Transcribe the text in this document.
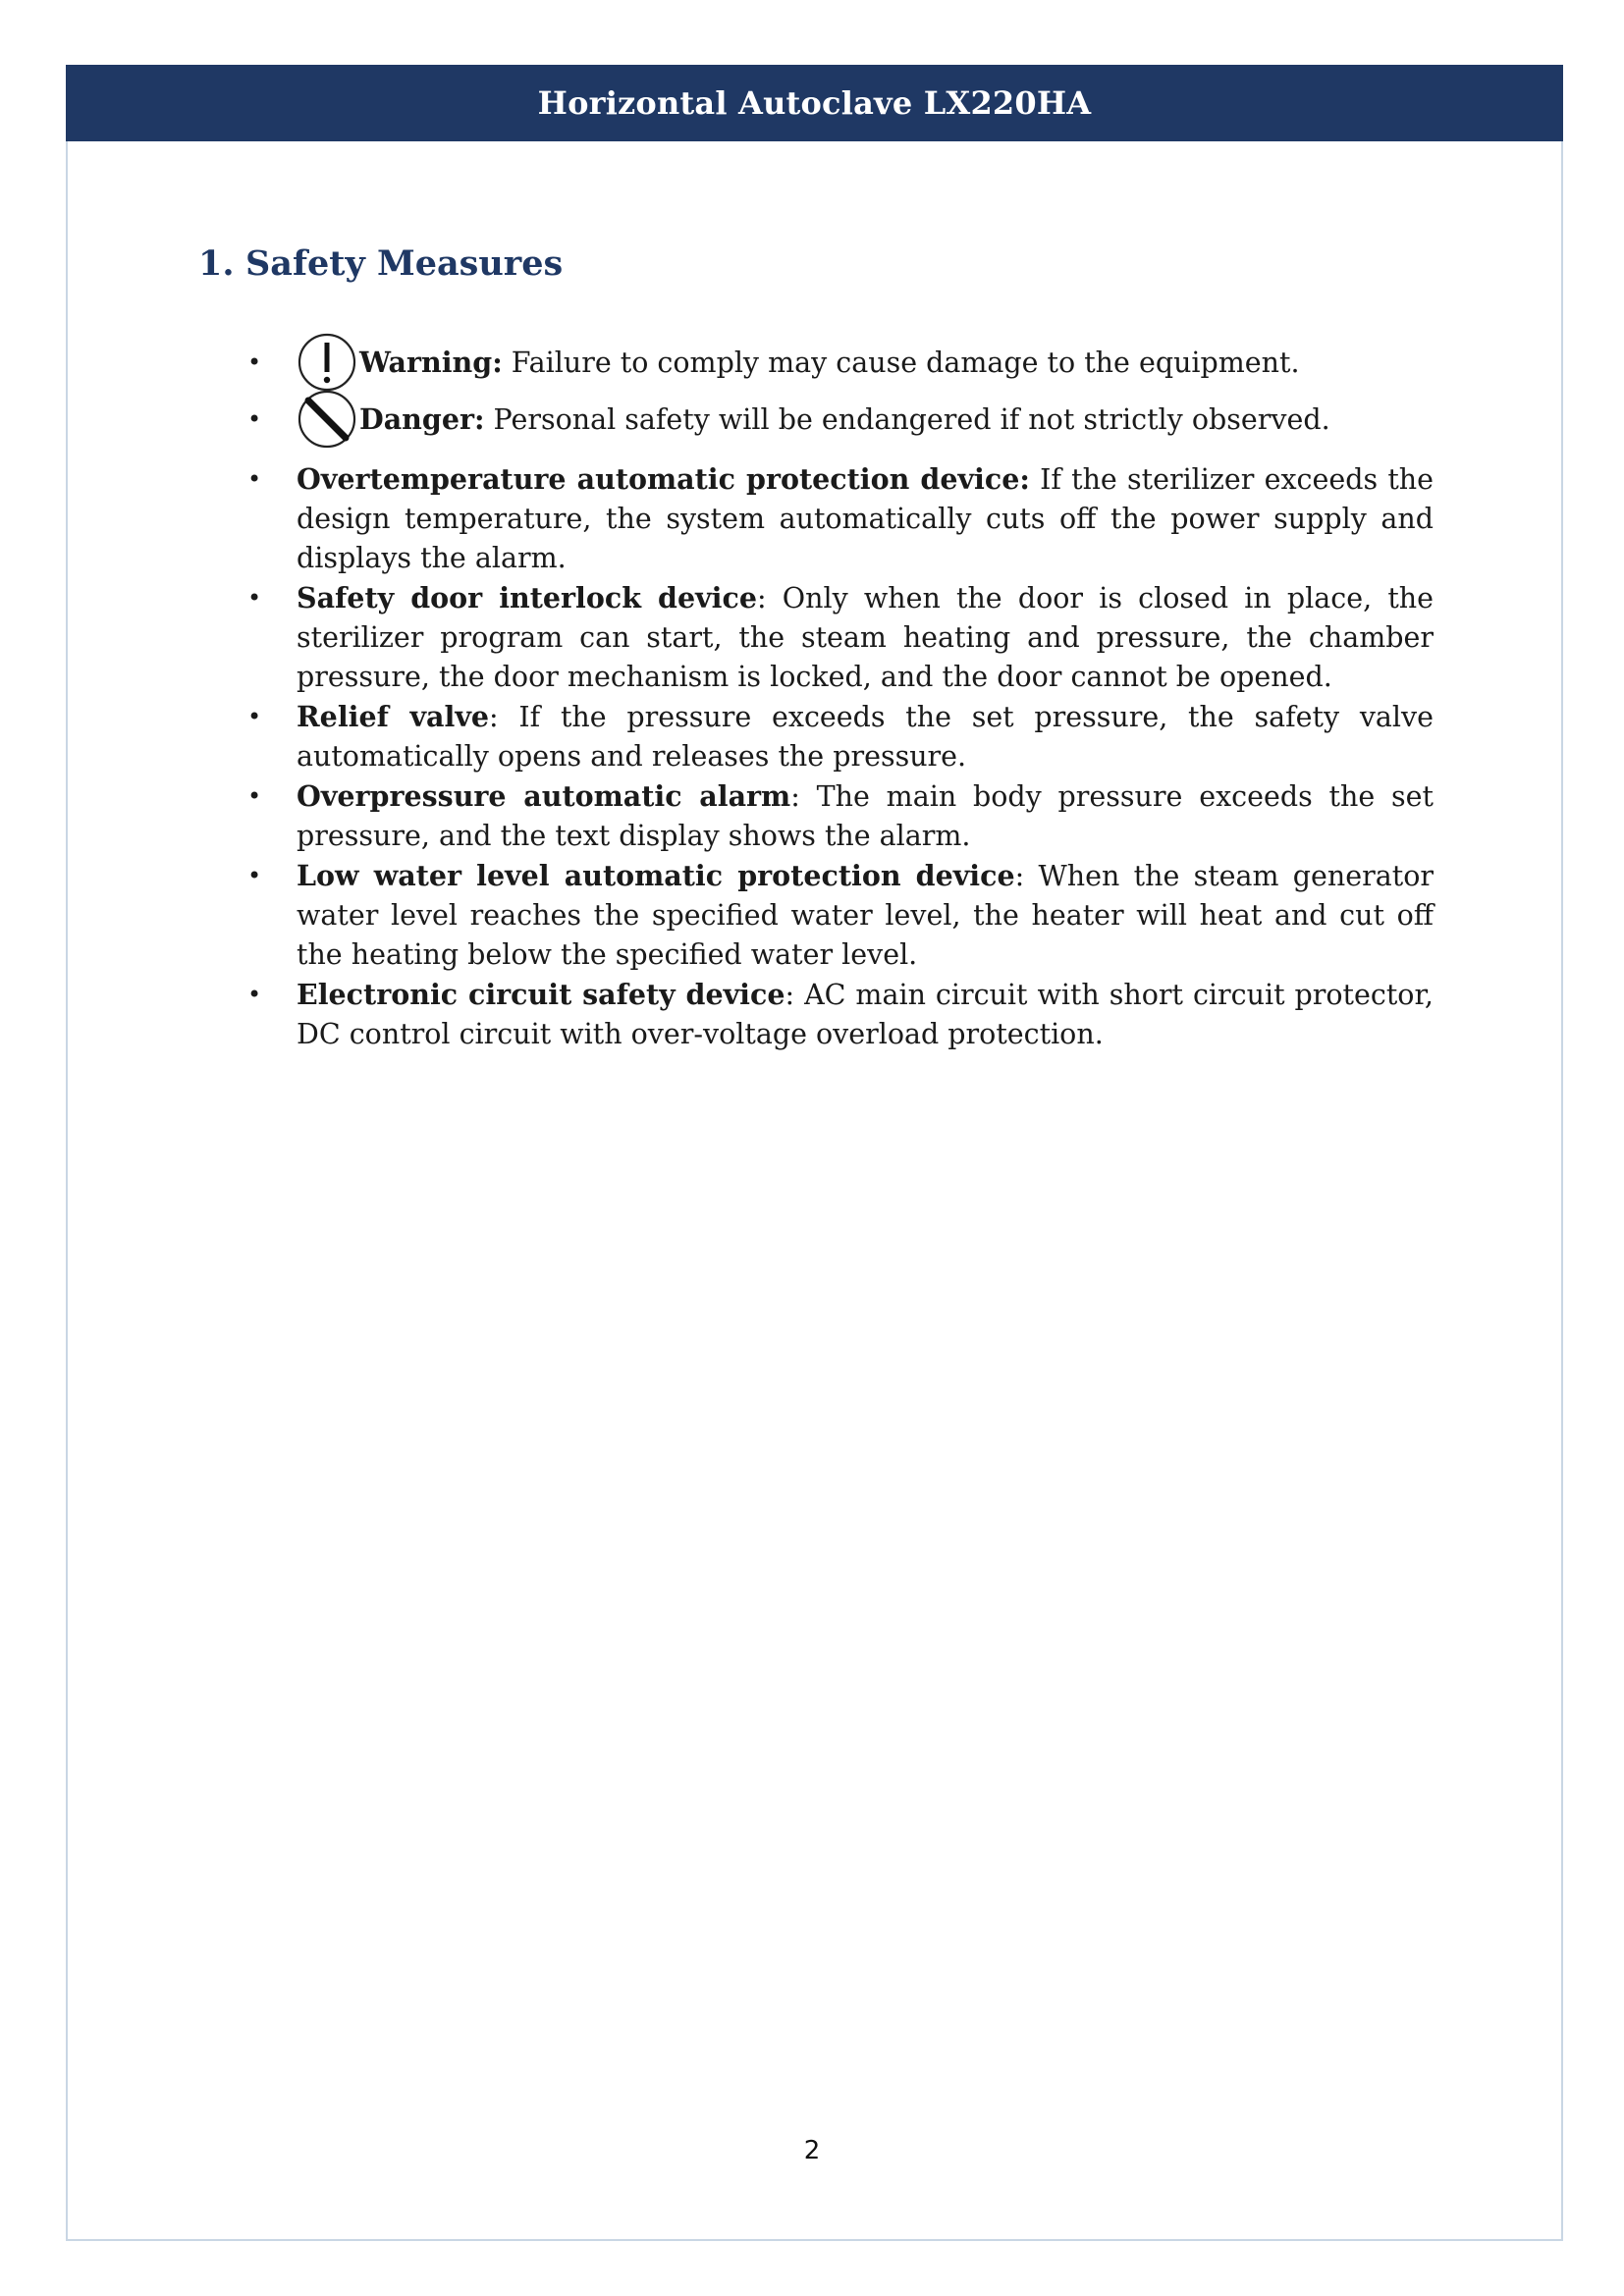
Horizontal Autoclave LX220HA
1. Safety Measures
•	Warning: Failure to comply may cause damage to the equipment.
•	Danger: Personal safety will be endangered if not strictly observed.
• Overtemperature automatic protection device: If the sterilizer exceeds the design temperature, the system automatically cuts off the power supply and displays the alarm.
• Safety door interlock device: Only when the door is closed in place, the sterilizer program can start, the steam heating and pressure, the chamber pressure, the door mechanism is locked, and the door cannot be opened.
• Relief valve: If the pressure exceeds the set pressure, the safety valve automatically opens and releases the pressure.
• Overpressure automatic alarm: The main body pressure exceeds the set pressure, and the text display shows the alarm.
• Low water level automatic protection device: When the steam generator water level reaches the specified water level, the heater will heat and cut off the heating below the specified water level.
• Electronic circuit safety device: AC main circuit with short circuit protector, DC control circuit with over-voltage overload protection.
2
